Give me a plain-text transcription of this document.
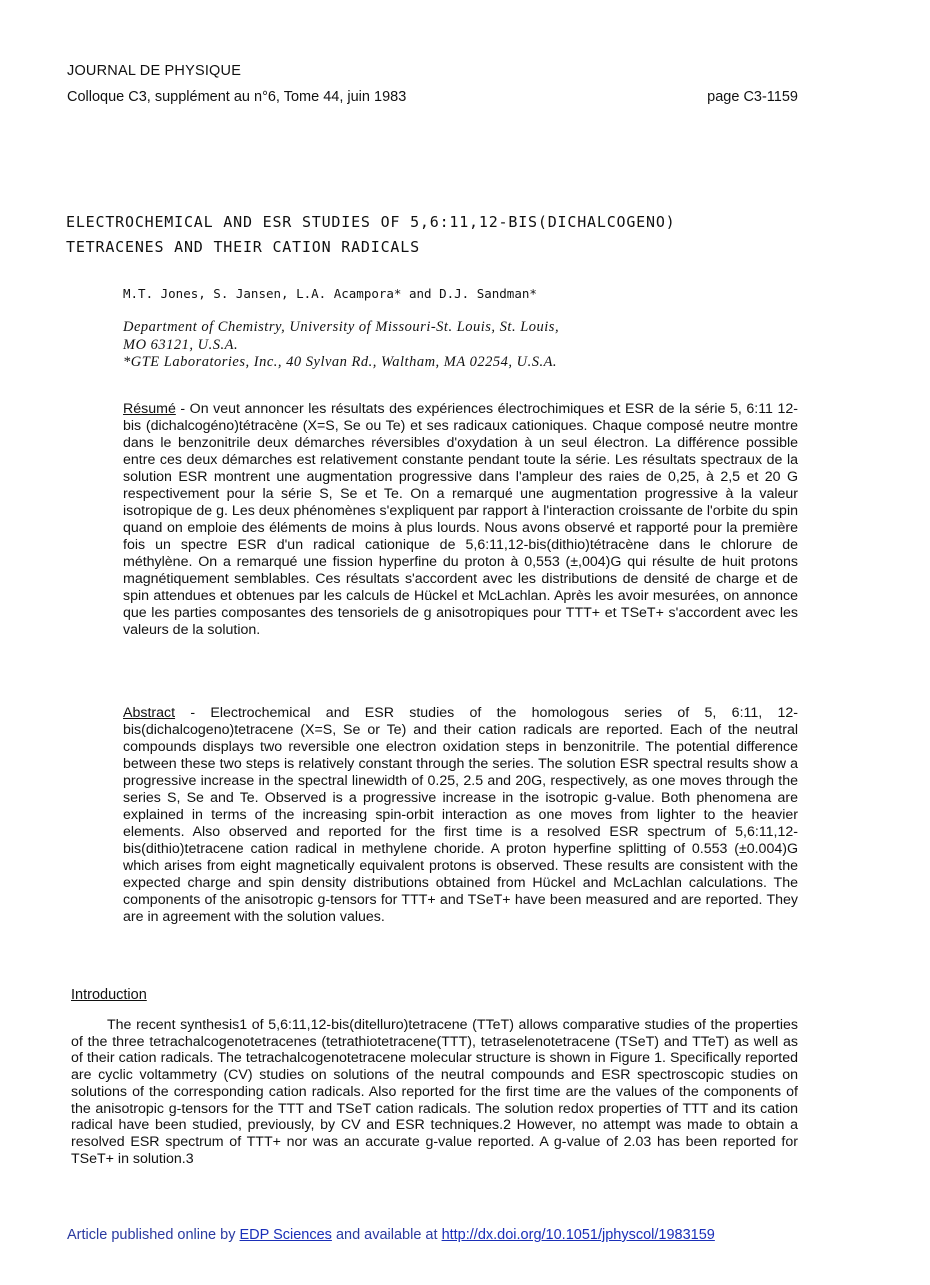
JOURNAL DE PHYSIQUE
Colloque C3, supplément au n°6, Tome 44, juin 1983	page C3-1159
ELECTROCHEMICAL AND ESR STUDIES OF 5,6:11,12-BIS(DICHALCOGENO)
TETRACENES AND THEIR CATION RADICALS
M.T. Jones, S. Jansen, L.A. Acampora* and D.J. Sandman*
Department of Chemistry, University of Missouri-St. Louis, St. Louis,
MO 63121, U.S.A.
*GTE Laboratories, Inc., 40 Sylvan Rd., Waltham, MA 02254, U.S.A.
Résumé - On veut annoncer les résultats des expériences électrochimiques et ESR de la série 5, 6:11 12-bis (dichalcogéno)tétracène (X=S, Se ou Te) et ses radicaux cationiques. Chaque composé neutre montre dans le benzonitrile deux démarches réversibles d'oxydation à un seul électron. La différence possible entre ces deux démarches est relativement constante pendant toute la série. Les résultats spectraux de la solution ESR montrent une augmentation progressive dans l'ampleur des raies de 0,25, à 2,5 et 20 G respectivement pour la série S, Se et Te. On a remarqué une augmentation progressive à la valeur isotropique de g. Les deux phénomènes s'expliquent par rapport à l'interaction croissante de l'orbite du spin quand on emploie des éléments de moins à plus lourds. Nous avons observé et rapporté pour la première fois un spectre ESR d'un radical cationique de 5,6:11,12-bis(dithio)tétracène dans le chlorure de méthylène. On a remarqué une fission hyperfine du proton à 0,553 (±,004)G qui résulte de huit protons magnétiquement semblables. Ces résultats s'accordent avec les distributions de densité de charge et de spin attendues et obtenues par les calculs de Hückel et McLachlan. Après les avoir mesurées, on annonce que les parties composantes des tensoriels de g anisotropiques pour TTT+ et TSeT+ s'accordent avec les valeurs de la solution.
Abstract - Electrochemical and ESR studies of the homologous series of 5, 6:11, 12-bis(dichalcogeno)tetracene (X=S, Se or Te) and their cation radicals are reported. Each of the neutral compounds displays two reversible one electron oxidation steps in benzonitrile. The potential difference between these two steps is relatively constant through the series. The solution ESR spectral results show a progressive increase in the spectral linewidth of 0.25, 2.5 and 20G, respectively, as one moves through the series S, Se and Te. Observed is a progressive increase in the isotropic g-value. Both phenomena are explained in terms of the increasing spin-orbit interaction as one moves from lighter to the heavier elements. Also observed and reported for the first time is a resolved ESR spectrum of 5,6:11,12-bis(dithio)tetracene cation radical in methylene choride. A proton hyperfine splitting of 0.553 (±0.004)G which arises from eight magnetically equivalent protons is observed. These results are consistent with the expected charge and spin density distributions obtained from Hückel and McLachlan calculations. The components of the anisotropic g-tensors for TTT+ and TSeT+ have been measured and are reported. They are in agreement with the solution values.
Introduction
The recent synthesis1 of 5,6:11,12-bis(ditelluro)tetracene (TTeT) allows comparative studies of the properties of the three tetrachalcogenotetracenes (tetrathiotetracene(TTT), tetraselenotetracene (TSeT) and TTeT) as well as of their cation radicals. The tetrachalcogenotetracene molecular structure is shown in Figure 1. Specifically reported are cyclic voltammetry (CV) studies on solutions of the neutral compounds and ESR spectroscopic studies on solutions of the corresponding cation radicals. Also reported for the first time are the values of the components of the anisotropic g-tensors for the TTT and TSeT cation radicals. The solution redox properties of TTT and its cation radical have been studied, previously, by CV and ESR techniques.2 However, no attempt was made to obtain a resolved ESR spectrum of TTT+ nor was an accurate g-value reported. A g-value of 2.03 has been reported for TSeT+ in solution.3
Article published online by EDP Sciences and available at http://dx.doi.org/10.1051/jphyscol/1983159
